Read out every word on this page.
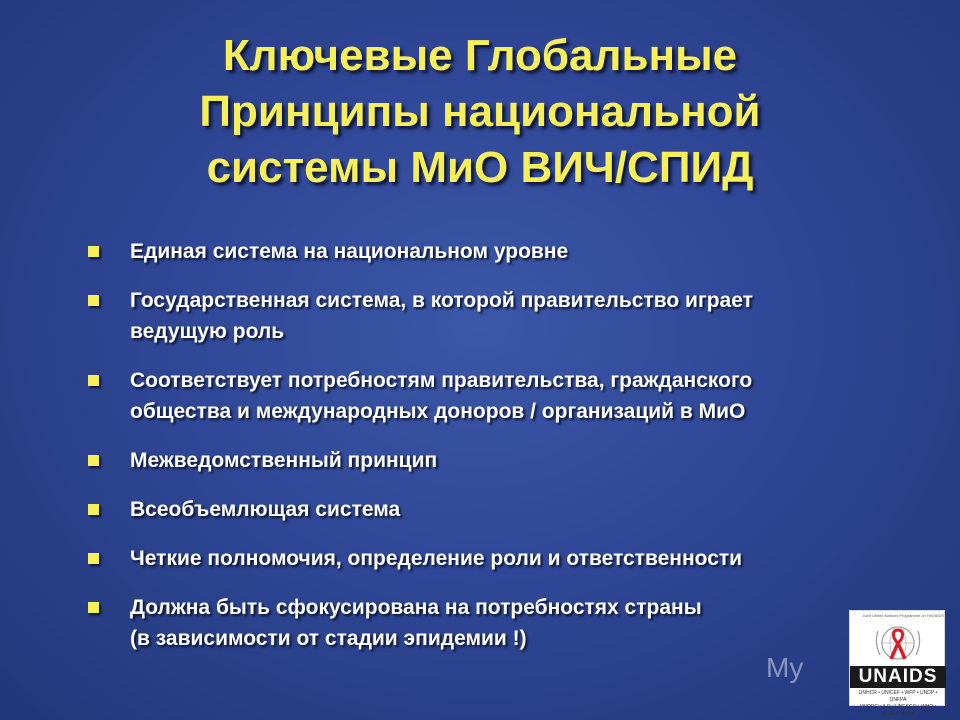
Ключевые Глобальные
Принципы национальной
системы МиО ВИЧ/СПИД
Единая система на национальном уровне
Государственная система, в которой правительство играет
ведущую роль
Соответствует потребностям правительства, гражданского
общества и международных доноров / организаций в МиО
Межведомственный принцип
Всеобъемлющая система
Четкие полномочия, определение роли и ответственности
Должна быть сфокусирована на потребностях страны
(в зависимости от стадии эпидемии !)
My
Joint United Nations Programme on HIV/AIDS
UNAIDS
UNHCR • UNICEF • WFP • UNDP • UNFPA
UNODC • ILO • UNESCO • WHO • WORLD BANK
